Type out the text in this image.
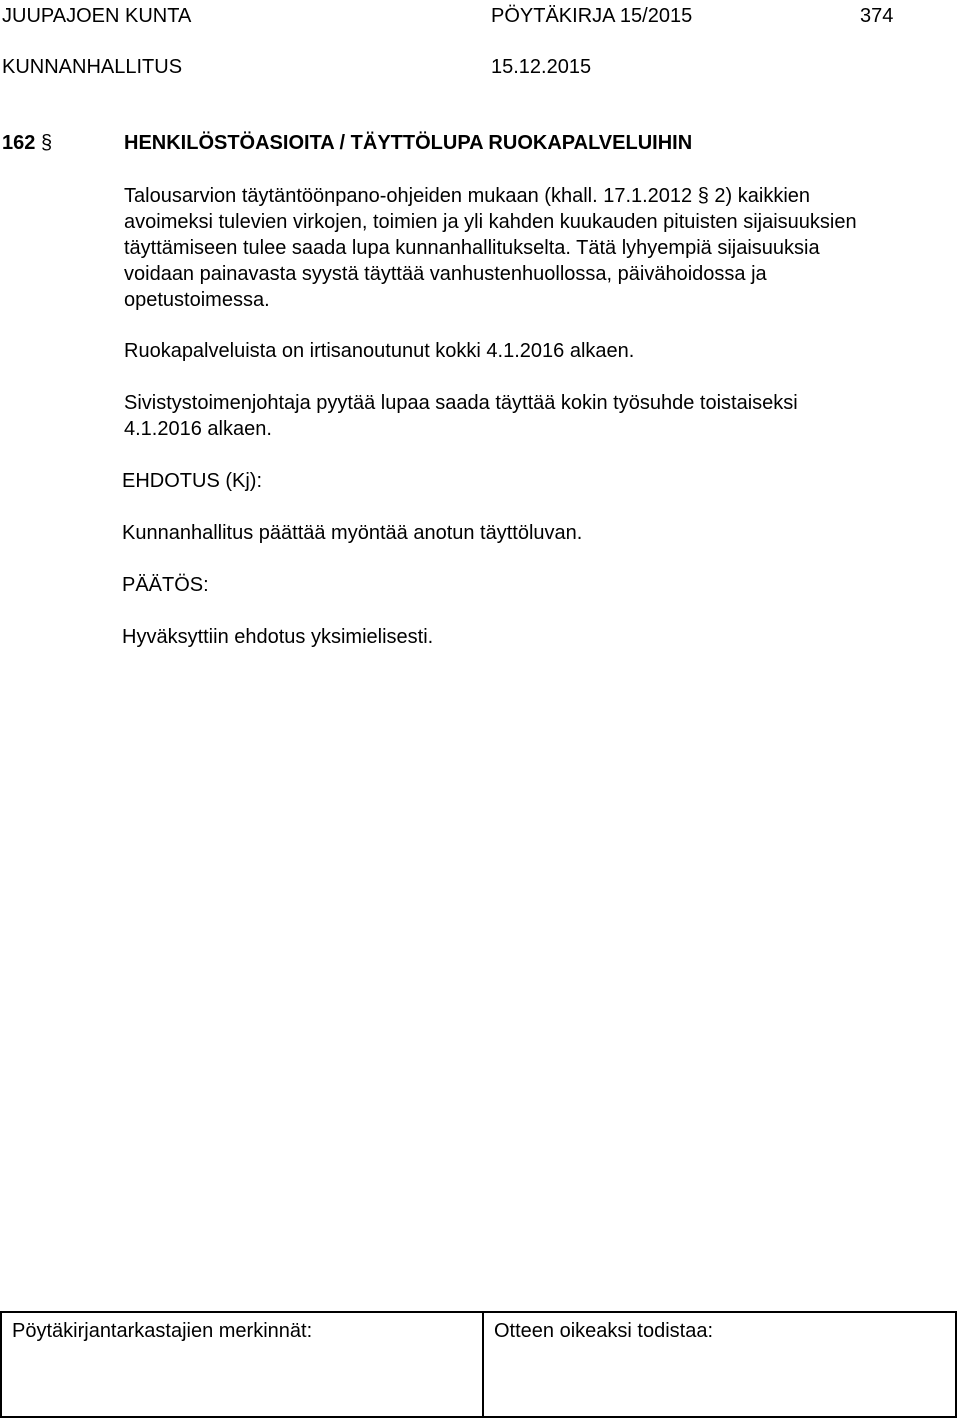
JUUPAJOEN KUNTA	PÖYTÄKIRJA 15/2015	374
KUNNANHALLITUS	15.12.2015
162 §	HENKILÖSTÖASIOITA / TÄYTTÖLUPA RUOKAPALVELUIHIN
Talousarvion täytäntöönpano-ohjeiden mukaan (khall. 17.1.2012 § 2) kaikkien
avoimeksi tulevien virkojen, toimien ja yli kahden kuukauden pituisten sijaisuuksien
täyttämiseen tulee saada lupa kunnanhallitukselta. Tätä lyhyempiä sijaisuuksia
voidaan painavasta syystä täyttää vanhustenhuollossa, päivähoidossa ja
opetustoimessa.
Ruokapalveluista on irtisanoutunut kokki 4.1.2016 alkaen.
Sivistystoimenjohtaja pyytää lupaa saada täyttää kokin työsuhde toistaiseksi
4.1.2016 alkaen.
EHDOTUS (Kj):
Kunnanhallitus päättää myöntää anotun täyttöluvan.
PÄÄTÖS:
Hyväksyttiin ehdotus yksimielisesti.
Pöytäkirjantarkastajien merkinnät:	Otteen oikeaksi todistaa:
